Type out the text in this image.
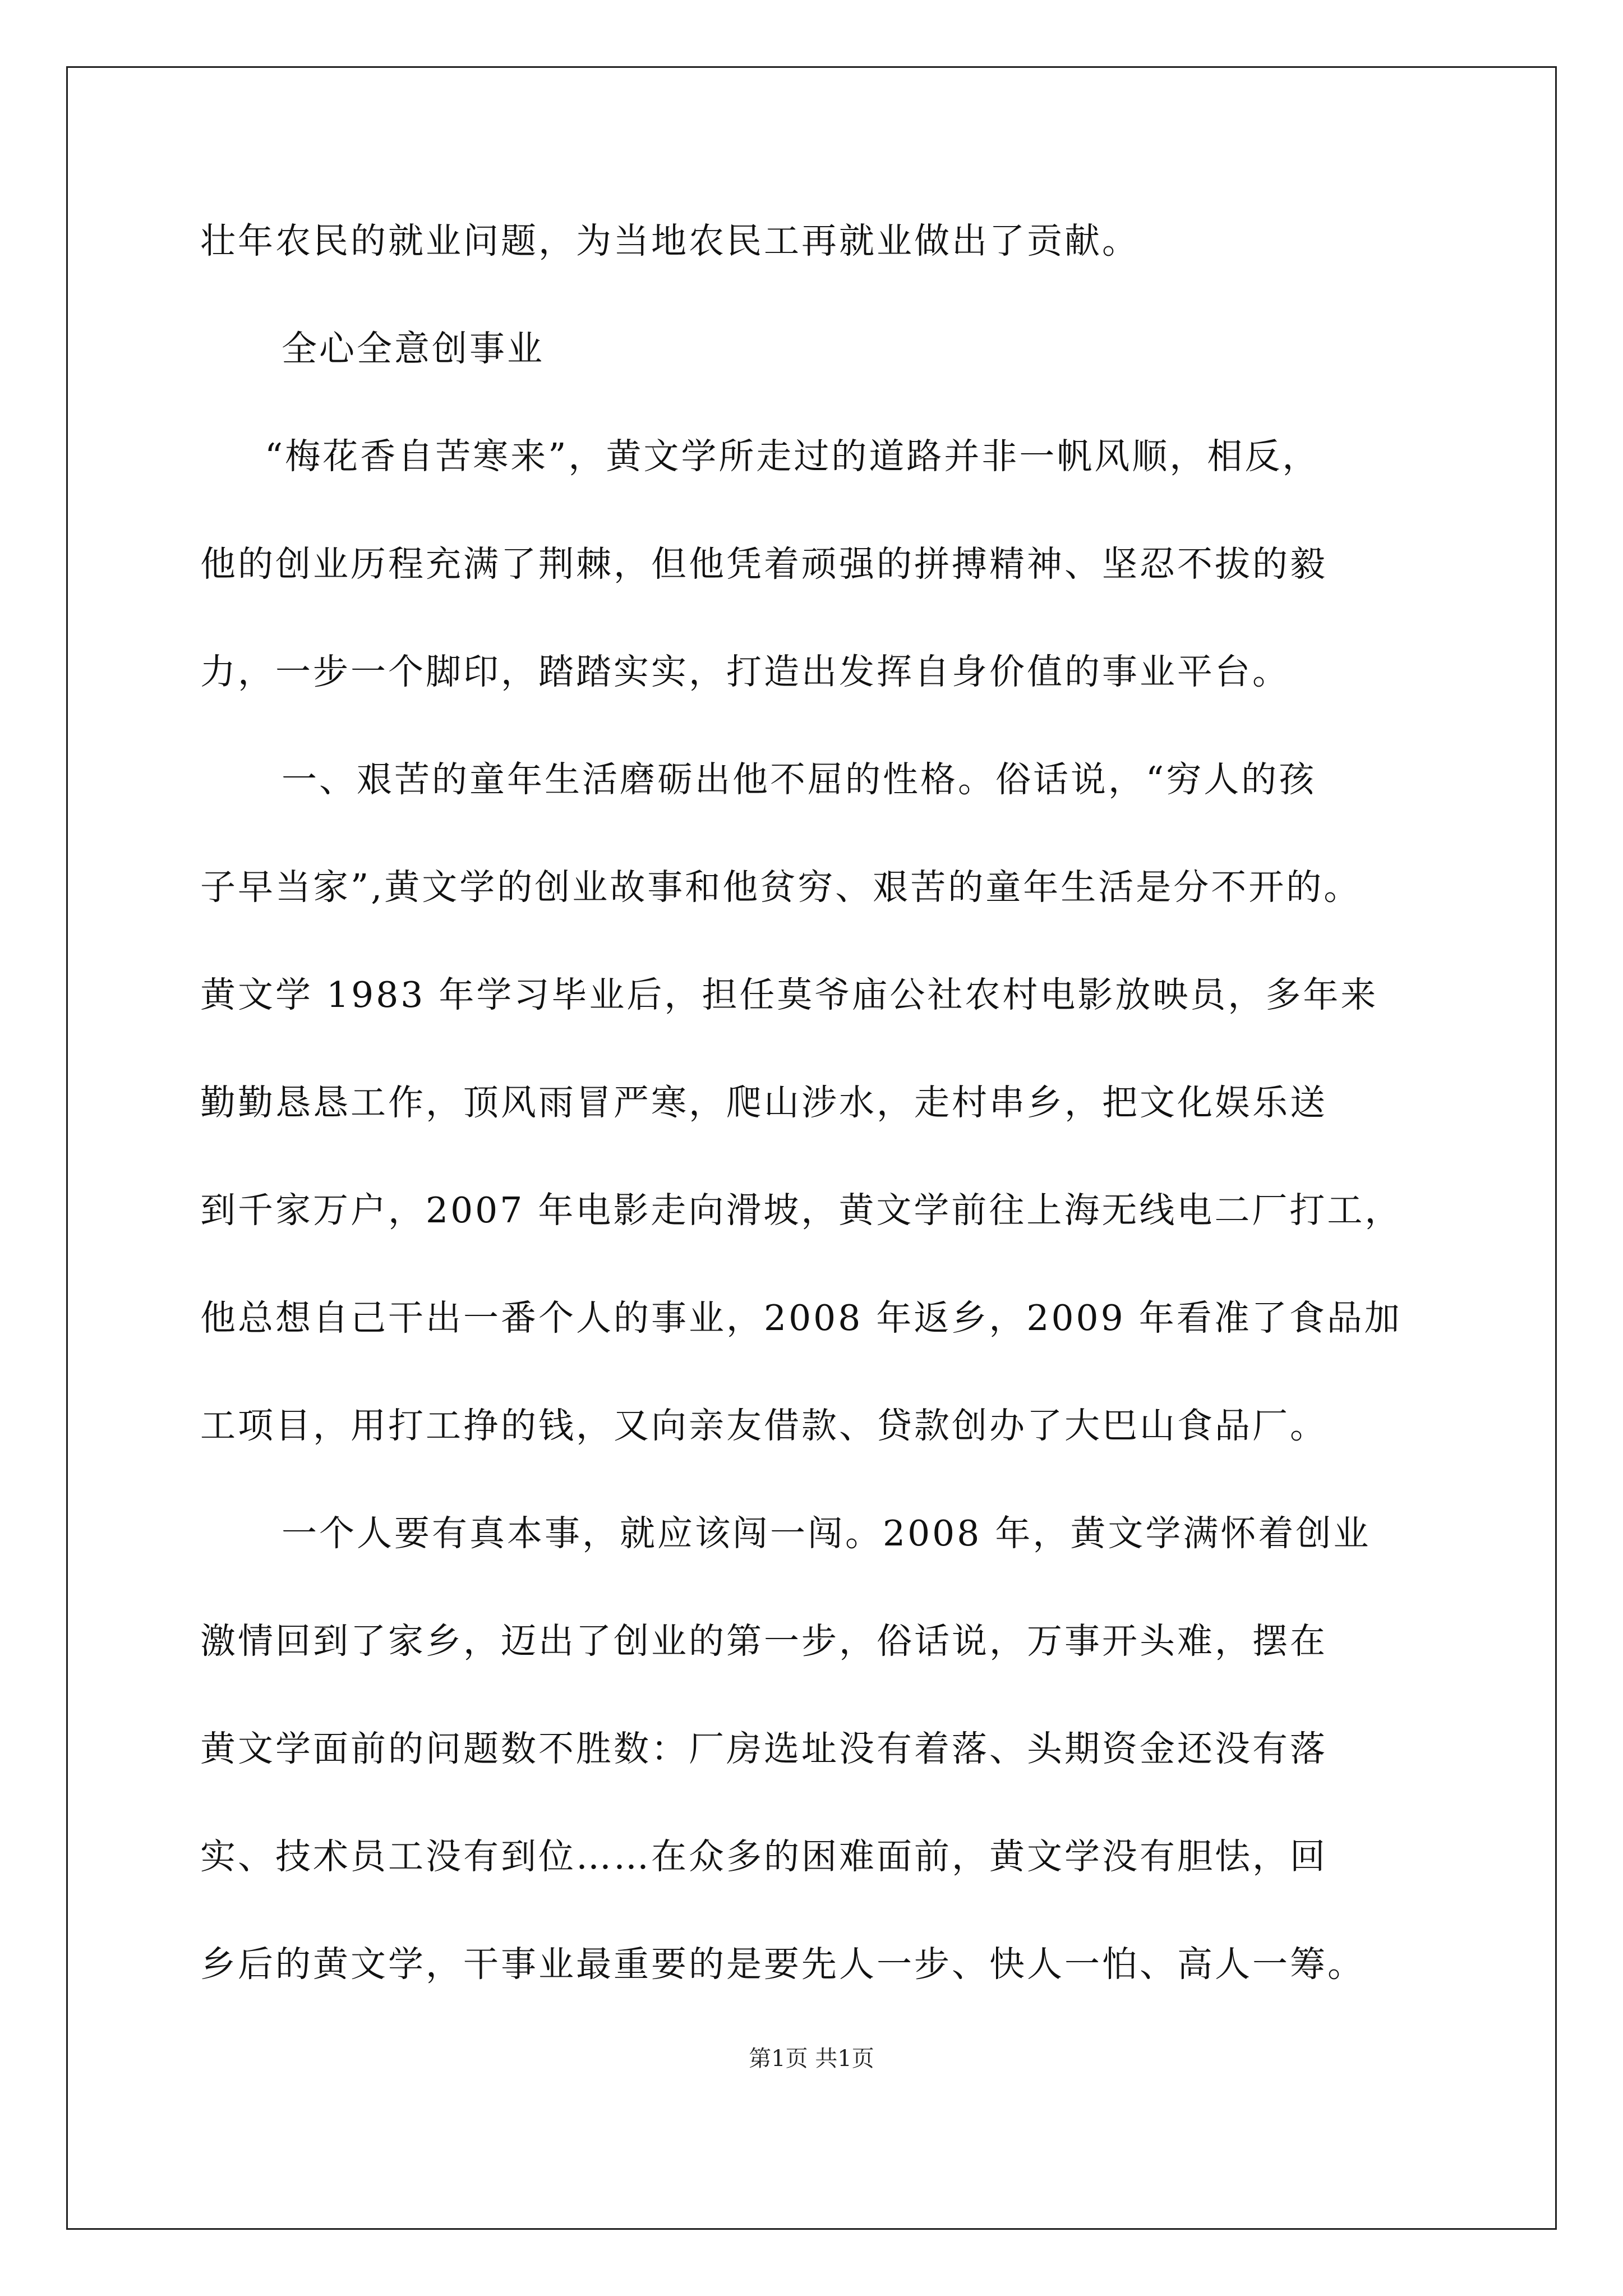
壮年农民的就业问题，为当地农民工再就业做出了贡献。
全心全意创事业
“梅花香自苦寒来”，黄文学所走过的道路并非一帆风顺，相反，
他的创业历程充满了荆棘，但他凭着顽强的拼搏精神、坚忍不拔的毅
力，一步一个脚印，踏踏实实，打造出发挥自身价值的事业平台。
一、艰苦的童年生活磨砺出他不屈的性格。俗话说，“穷人的孩
子早当家”,黄文学的创业故事和他贫穷、艰苦的童年生活是分不开的。
黄文学 1983 年学习毕业后，担任莫爷庙公社农村电影放映员，多年来
勤勤恳恳工作，顶风雨冒严寒，爬山涉水，走村串乡，把文化娱乐送
到千家万户，2007 年电影走向滑坡，黄文学前往上海无线电二厂打工，
他总想自己干出一番个人的事业，2008 年返乡，2009 年看准了食品加
工项目，用打工挣的钱，又向亲友借款、贷款创办了大巴山食品厂。
一个人要有真本事，就应该闯一闯。2008 年，黄文学满怀着创业
激情回到了家乡，迈出了创业的第一步，俗话说，万事开头难，摆在
黄文学面前的问题数不胜数：厂房选址没有着落、头期资金还没有落
实、技术员工没有到位……在众多的困难面前，黄文学没有胆怯，回
乡后的黄文学，干事业最重要的是要先人一步、快人一怕、高人一筹。
第1页 共1页
